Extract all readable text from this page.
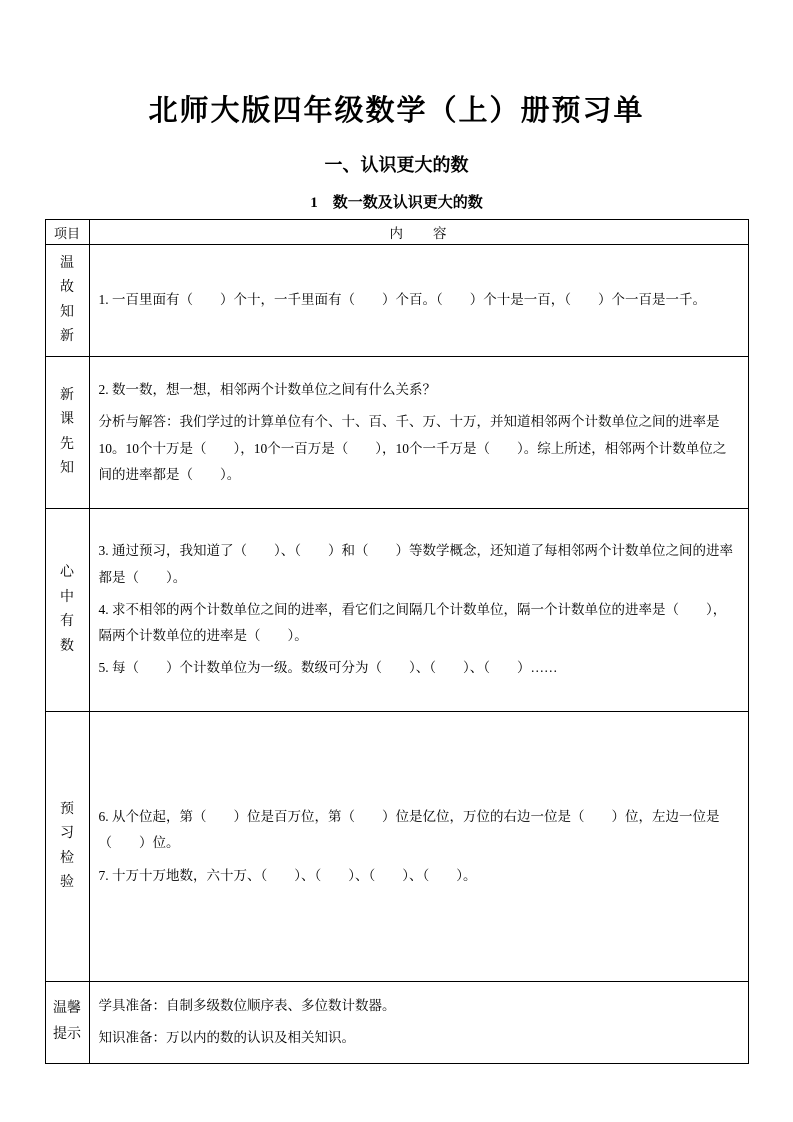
北师大版四年级数学（上）册预习单
一、认识更大的数
1　数一数及认识更大的数
项目	内　　容
温故知新

1. 一百里面有（　　）个十，一千里面有（　　）个百。（　　）个十是一百，（　　）个一百是一千。

新课先知

2. 数一数，想一想，相邻两个计数单位之间有什么关系？

分析与解答：我们学过的计算单位有个、十、百、千、万、十万，并知道相邻两个计数单位之间的进率是10。10个十万是（　　），10个一百万是（　　），10个一千万是（　　）。综上所述，相邻两个计数单位之间的进率都是（　　）。

心中有数

3. 通过预习，我知道了（　　）、（　　）和（　　）等数学概念，还知道了每相邻两个计数单位之间的进率都是（　　）。

4. 求不相邻的两个计数单位之间的进率，看它们之间隔几个计数单位，隔一个计数单位的进率是（　　），隔两个计数单位的进率是（　　）。

5. 每（　　）个计数单位为一级。数级可分为（　　）、（　　）、（　　）……

预习检验

6. 从个位起，第（　　）位是百万位，第（　　）位是亿位，万位的右边一位是（　　）位，左边一位是（　　）位。

7. 十万十万地数，六十万、（　　）、（　　）、（　　）、（　　）。

温馨提示

学具准备：自制多级数位顺序表、多位数计数器。

知识准备：万以内的数的认识及相关知识。
